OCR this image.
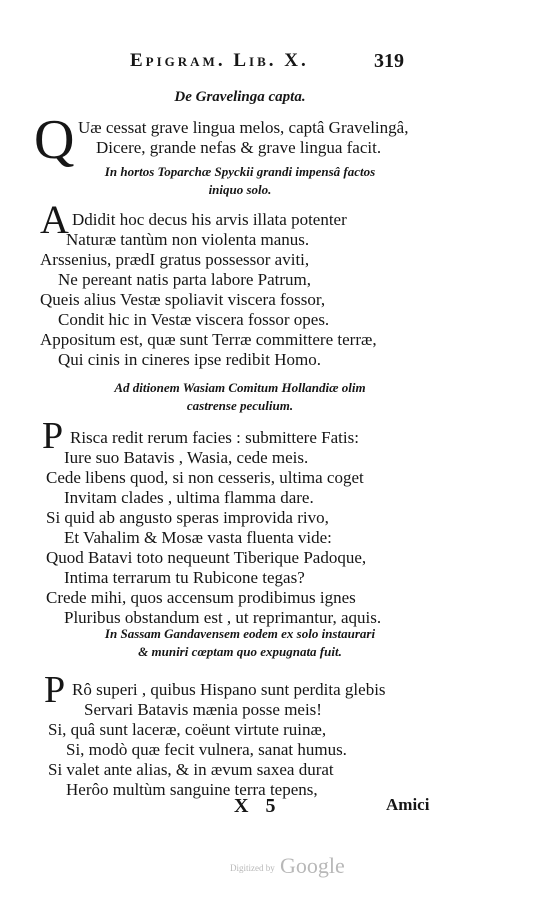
Epigram. Lib. X.	319
De Gravelinga capta.
Q Uæ cessat grave lingua melos, captâ Gravelingâ,
Dicere, grande nefas & grave lingua facit.
In hortos Toparchæ Spyckii grandi impensâ factos
iniquo solo.
A Ddidit hoc decus his arvis illata potenter
Naturæ tantùm non violenta manus.
Arssenius, prædI gratus possessor aviti,
Ne pereant natis parta labore Patrum,
Queis alius Vestæ spoliavit viscera fossor,
Condit hic in Vestæ viscera fossor opes.
Appositum est, quæ sunt Terræ committere terræ,
Qui cinis in cineres ipse redibit Homo.
Ad ditionem Wasiam Comitum Hollandiæ olim
castrense peculium.
P Risca redit rerum facies : submittere Fatis:
Iure suo Batavis , Wasia, cede meis.
Cede libens quod, si non cesseris, ultima coget
Invitam clades , ultima flamma dare.
Si quid ab angusto speras improvida rivo,
Et Vahalim & Mosæ vasta fluenta vide:
Quod Batavi toto nequeunt Tiberique Padoque,
Intima terrarum tu Rubicone tegas?
Crede mihi, quos accensum prodibimus ignes
Pluribus obstandum est , ut reprimantur, aquis.
In Sassam Gandavensem eodem ex solo instaurari
& muniri cœptam quo expugnata fuit.
P Rô superi , quibus Hispano sunt perdita glebis
Servari Batavis mænia posse meis!
Si, quâ sunt laceræ, coëunt virtute ruinæ,
Si, modò quæ fecit vulnera, sanat humus.
Si valet ante alias, & in ævum saxea durat
Herôo multùm sanguine terra tepens,
X 5	Amici
Digitized by Google
